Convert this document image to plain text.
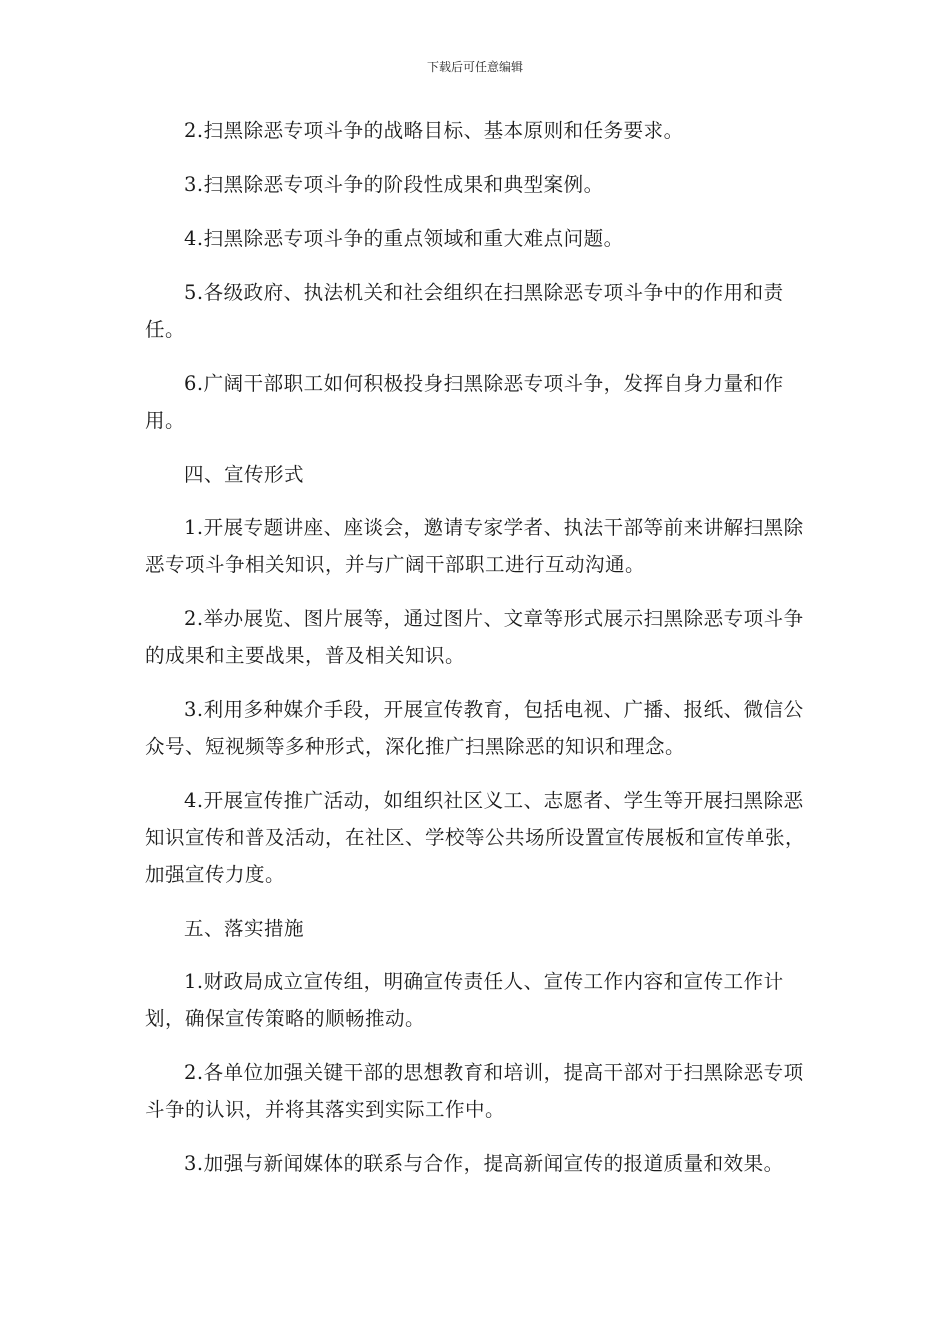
下载后可任意编辑

2.扫黑除恶专项斗争的战略目标、基本原则和任务要求。

3.扫黑除恶专项斗争的阶段性成果和典型案例。

4.扫黑除恶专项斗争的重点领域和重大难点问题。

5.各级政府、执法机关和社会组织在扫黑除恶专项斗争中的作用和责任。

6.广阔干部职工如何积极投身扫黑除恶专项斗争，发挥自身力量和作用。

四、宣传形式

1.开展专题讲座、座谈会，邀请专家学者、执法干部等前来讲解扫黑除恶专项斗争相关知识，并与广阔干部职工进行互动沟通。

2.举办展览、图片展等，通过图片、文章等形式展示扫黑除恶专项斗争的成果和主要战果，普及相关知识。

3.利用多种媒介手段，开展宣传教育，包括电视、广播、报纸、微信公众号、短视频等多种形式，深化推广扫黑除恶的知识和理念。

4.开展宣传推广活动，如组织社区义工、志愿者、学生等开展扫黑除恶知识宣传和普及活动，在社区、学校等公共场所设置宣传展板和宣传单张，加强宣传力度。

五、落实措施

1.财政局成立宣传组，明确宣传责任人、宣传工作内容和宣传工作计划，确保宣传策略的顺畅推动。

2.各单位加强关键干部的思想教育和培训，提高干部对于扫黑除恶专项斗争的认识，并将其落实到实际工作中。

3.加强与新闻媒体的联系与合作，提高新闻宣传的报道质量和效果。
